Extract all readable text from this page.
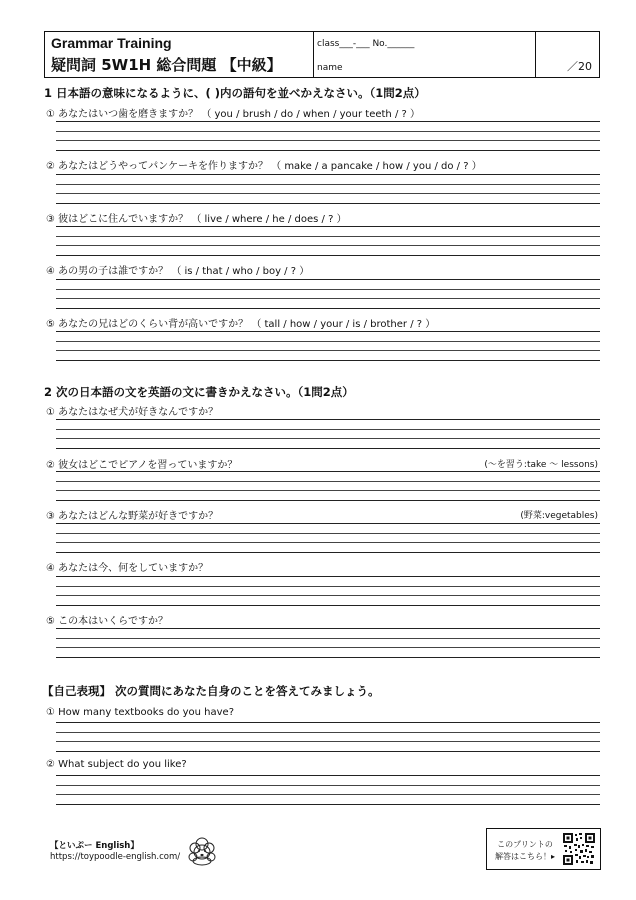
Grammar Training
疑問詞 5W1H 総合問題 【中級】
class___-___ No.______
name	／20
1 日本語の意味になるように、( )内の語句を並べかえなさい。（1問2点）
① あなたはいつ歯を磨きますか？ （ you / brush / do / when / your teeth / ? ）
② あなたはどうやってパンケーキを作りますか？ （ make / a pancake / how / you / do / ? ）
③ 彼はどこに住んでいますか？ （ live / where / he / does / ? ）
④ あの男の子は誰ですか？ （ is / that / who / boy / ? ）
⑤ あなたの兄はどのくらい背が高いですか？ （ tall / how / your / is / brother / ? ）
2 次の日本語の文を英語の文に書きかえなさい。（1問2点）
① あなたはなぜ犬が好きなんですか？
② 彼女はどこでピアノを習っていますか？	(～を習う:take ～ lessons)
③ あなたはどんな野菜が好きですか？	(野菜:vegetables)
④ あなたは今、何をしていますか？
⑤ この本はいくらですか？
【自己表現】 次の質問にあなた自身のことを答えてみましょう。
① How many textbooks do you have?
② What subject do you like?
【といぷー English】
https://toypoodle-english.com/
このプリントの
解答はこちら！▸
